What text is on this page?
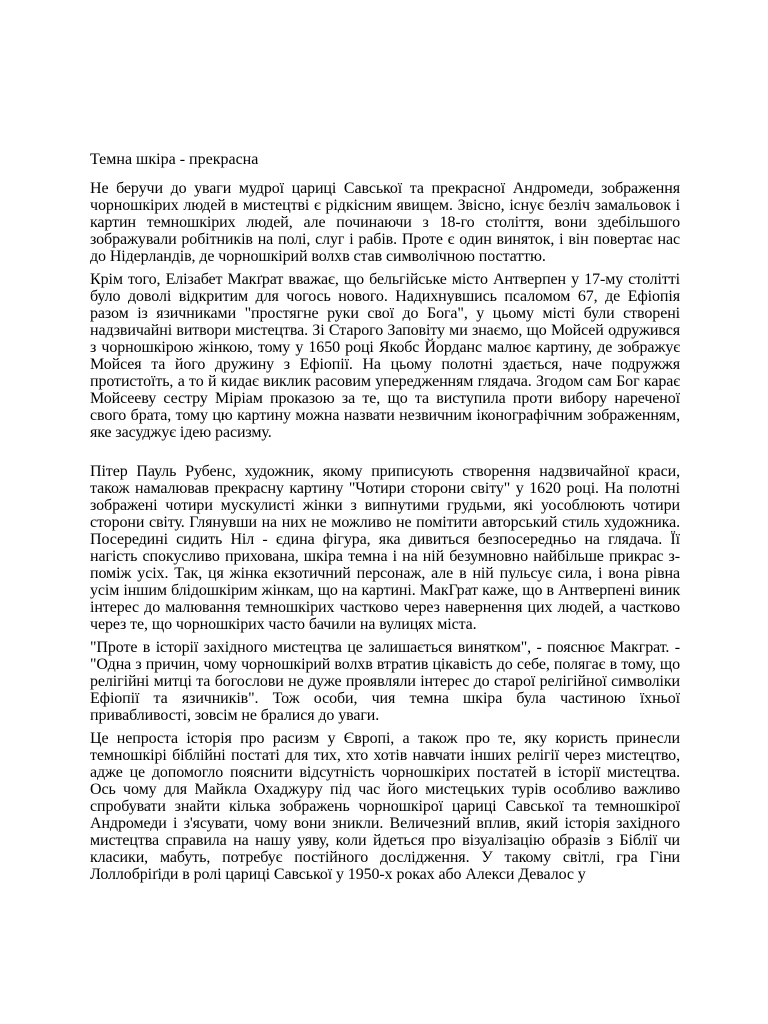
Темна шкіра - прекрасна

Не беручи до уваги мудрої цариці Савської та прекрасної Андромеди, зображення чорношкірих людей в мистецтві є рідкісним явищем. Звісно, існує безліч замальовок і картин темношкірих людей, але починаючи з 18-го століття, вони здебільшого зображували робітників на полі, слуг і рабів. Проте є один виняток, і він повертає нас до Нідерландів, де чорношкірий волхв став символічною постаттю.

Крім того, Елізабет Макґрат вважає, що бельгійське місто Антверпен у 17-му столітті було доволі відкритим для чогось нового. Надихнувшись псаломом 67, де Ефіопія разом із язичниками "простягне руки свої до Бога", у цьому місті були створені надзвичайні витвори мистецтва. Зі Старого Заповіту ми знаємо, що Мойсей одружився з чорношкірою жінкою, тому у 1650 році Якобс Йорданс малює картину, де зображує Мойсея та його дружину з Ефіопії. На цьому полотні здається, наче подружжя протистоїть, а то й кидає виклик расовим упередженням глядача. Згодом сам Бог карає Мойсееву сестру Міріам проказою за те, що та виступила проти вибору нареченої свого брата, тому цю картину можна назвати незвичним іконографічним зображенням, яке засуджує ідею расизму.

Пітер Пауль Рубенс, художник, якому приписують створення надзвичайної краси, також намалював прекрасну картину "Чотири сторони світу" у 1620 році. На полотні зображені чотири мускулисті жінки з випнутими грудьми, які уособлюють чотири сторони світу. Глянувши на них не можливо не помітити авторський стиль художника. Посередині сидить Ніл - єдина фігура, яка дивиться безпосередньо на глядача. Її нагість спокусливо прихована, шкіра темна і на ній безумновно найбільше прикрас з-поміж усіх. Так, ця жінка екзотичний персонаж, але в ній пульсує сила, і вона рівна усім іншим блідошкірим жінкам, що на картині. МакГрат каже, що в Антверпені виник інтерес до малювання темношкірих частково через навернення цих людей, а частково через те, що чорношкірих часто бачили на вулицях міста.

"Проте в історії західного мистецтва це залишається винятком", - пояснює Макграт. - "Одна з причин, чому чорношкірий волхв втратив цікавість до себе, полягає в тому, що релігійні митці та богослови не дуже проявляли інтерес до старої релігійної символіки Ефіопії та язичників". Тож особи, чия темна шкіра була частиною їхньої привабливості, зовсім не бралися до уваги.

Це непроста історія про расизм у Європі, а також про те, яку користь принесли темношкірі біблійні постаті для тих, хто хотів навчати інших релігії через мистецтво, адже це допомогло пояснити відсутність чорношкірих постатей в історії мистецтва. Ось чому для Майкла Охаджуру під час його мистецьких турів особливо важливо спробувати знайти кілька зображень чорношкірої цариці Савської та темношкірої Андромеди і з'ясувати, чому вони зникли. Величезний вплив, який історія західного мистецтва справила на нашу уяву, коли йдеться про візуалізацію образів з Біблії чи класики, мабуть, потребує постійного дослідження. У такому світлі, гра Гіни Лоллобріґіди в ролі цариці Савської у 1950-х роках або Алекси Девалос у
